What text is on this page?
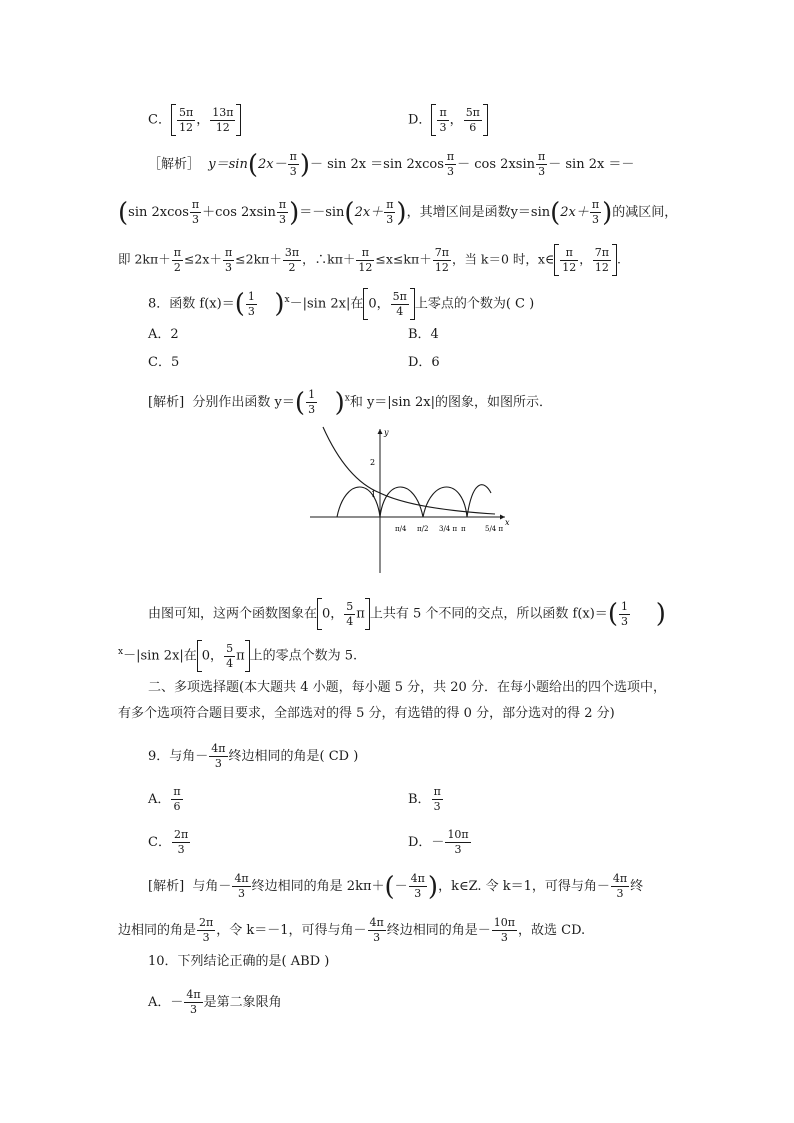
C． $\frac{5\pi}{12}$ ， $\frac{13\pi}{12}$	D． $\frac{\pi}{3}$ ， $\frac{5\pi}{6}$
［解析］ $y=\sin(2x- \frac{\pi}{3}$ )－ sin 2x ＝sin $2xcos \frac{\pi}{3} - \cos 2xsin \frac{\pi}{3} - \sin 2x$ ＝－
(sin $2xcos \frac{\pi}{3} +\cos$ $2xsin \frac{\pi}{3} )=-\sin(2x+ \frac{\pi}{3}$ )，其增区间是函数$y=\sin(2x+ \frac{\pi}{3}$ )的减区间，
即 $2k\pi+ \frac{\pi}{2} \le 2x+ \frac{\pi}{3} \le 2k\pi+ \frac{3\pi}{2}$ ，∴kπ＋ $\frac{\pi}{12} \le x\le k\pi+ \frac{7\pi}{12}$ ，当 k＝0 时，x∈ $\frac{\pi}{12}$ ， $\frac{7\pi}{12}$ .
8．函数 $f(x)=( \frac{1}{3} )^x-|\sin$ 2x|在 0， $\frac{5\pi}{4}$ 上零点的个数为( C )
A．2	B．4
C．5	D．6
[解析] 分别作出函数 $y=( \frac{1}{3} )^x$和 y＝|sin 2x|的图象，如图所示．
2
1
y
x
π/4 π/2 3/4 π π	5/4 π
由图可知，这两个函数图象在 0， $\frac{5}{4}$ π 上共有 5 个不同的交点，所以函数 $f(x)=( \frac{1}{3}$ )
$^x$－|sin 2x|在 0， $\frac{5}{4}$ π 上的零点个数为 5.
二、多项选择题(本大题共 4 小题，每小题 5 分，共 20 分．在每小题给出的四个选项中，
有多个选项符合题目要求，全部选对的得 5 分，有选错的得 0 分，部分选对的得 2 分)
9．与角－ $\frac{4\pi}{3}$ 终边相同的角是( CD )
A． $\frac{\pi}{6}$	B． $\frac{\pi}{3}$
C． $\frac{2\pi}{3}$	D．－ $\frac{10\pi}{3}$
[解析] 与角－ $\frac{4\pi}{3}$ 终边相同的角是 $2k\pi+(- \frac{4\pi}{3}$ )，k∈Z. 令 k＝1，可得与角－ $\frac{4\pi}{3}$ 终
边相同的角是 $\frac{2\pi}{3}$ ，令 k＝－1，可得与角－ $\frac{4\pi}{3}$ 终边相同的角是－ $\frac{10\pi}{3}$ ，故选 CD.
10．下列结论正确的是( ABD )
A．－ $\frac{4\pi}{3}$ 是第二象限角
